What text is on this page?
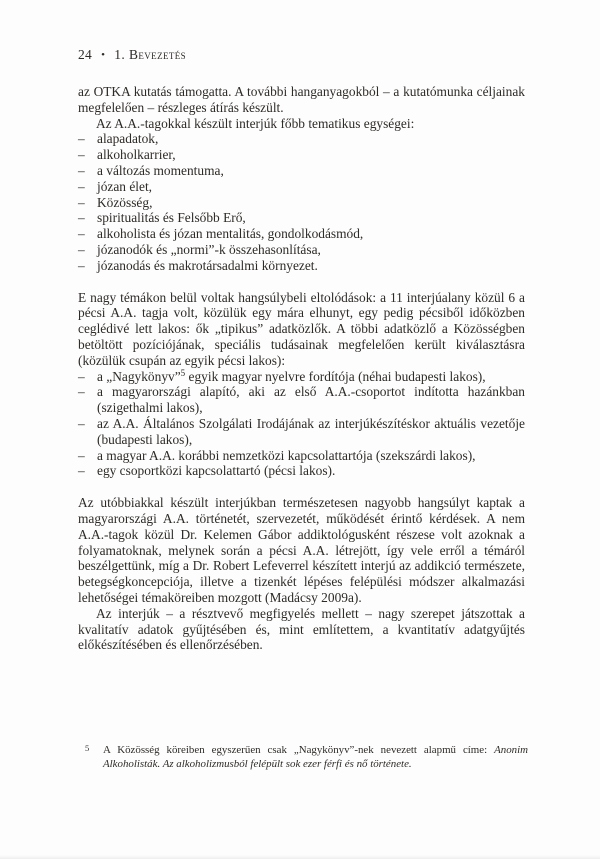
24 • 1. Bevezetés

az OTKA kutatás támogatta. A további hanganyagokból – a kutatómunka céljainak megfelelően – részleges átírás készült.

Az A.A.-tagokkal készült interjúk főbb tematikus egységei:

– alapadatok,
– alkoholkarrier,
– a változás momentuma,
– józan élet,
– Közösség,
– spiritualitás és Felsőbb Erő,
– alkoholista és józan mentalitás, gondolkodásmód,
– józanodók és „normi”-k összehasonlítása,
– józanodás és makrotársadalmi környezet.

E nagy témákon belül voltak hangsúlybeli eltolódások: a 11 interjúalany közül 6 a pécsi A.A. tagja volt, közülük egy mára elhunyt, egy pedig pécsiből időközben ceglédivé lett lakos: ők „tipikus” adatközlők. A többi adatközlő a Közösségben betöltött pozíciójának, speciális tudásainak megfelelően került kiválasztásra (közülük csupán az egyik pécsi lakos):

– a „Nagykönyv”$^5$ egyik magyar nyelvre fordítója (néhai budapesti lakos),
– a magyarországi alapító, aki az első A.A.-csoportot indította hazánkban (szigethalmi lakos),
– az A.A. Általános Szolgálati Irodájának az interjúkészítéskor aktuális vezetője (budapesti lakos),
– a magyar A.A. korábbi nemzetközi kapcsolattartója (szekszárdi lakos),
– egy csoportközi kapcsolattartó (pécsi lakos).

Az utóbbiakkal készült interjúkban természetesen nagyobb hangsúlyt kaptak a magyarországi A.A. történetét, szervezetét, működését érintő kérdések. A nem A.A.-tagok közül Dr. Kelemen Gábor addiktológusként részese volt azoknak a folyamatoknak, melynek során a pécsi A.A. létrejött, így vele erről a témáról beszélgettünk, míg a Dr. Robert Lefeverrel készített interjú az addikció természete, betegségkoncepciója, illetve a tizenkét lépéses felépülési módszer alkalmazási lehetőségei témaköreiben mozgott (Madácsy 2009a).

Az interjúk – a résztvevő megfigyelés mellett – nagy szerepet játszottak a kvalitatív adatok gyűjtésében és, mint említettem, a kvantitatív adatgyűjtés előkészítésében és ellenőrzésében.

5 A Közösség köreiben egyszerűen csak „Nagykönyv”-nek nevezett alapmű címe: Anonim Alkoholisták. Az alkoholizmusból felépült sok ezer férfi és nő története.
